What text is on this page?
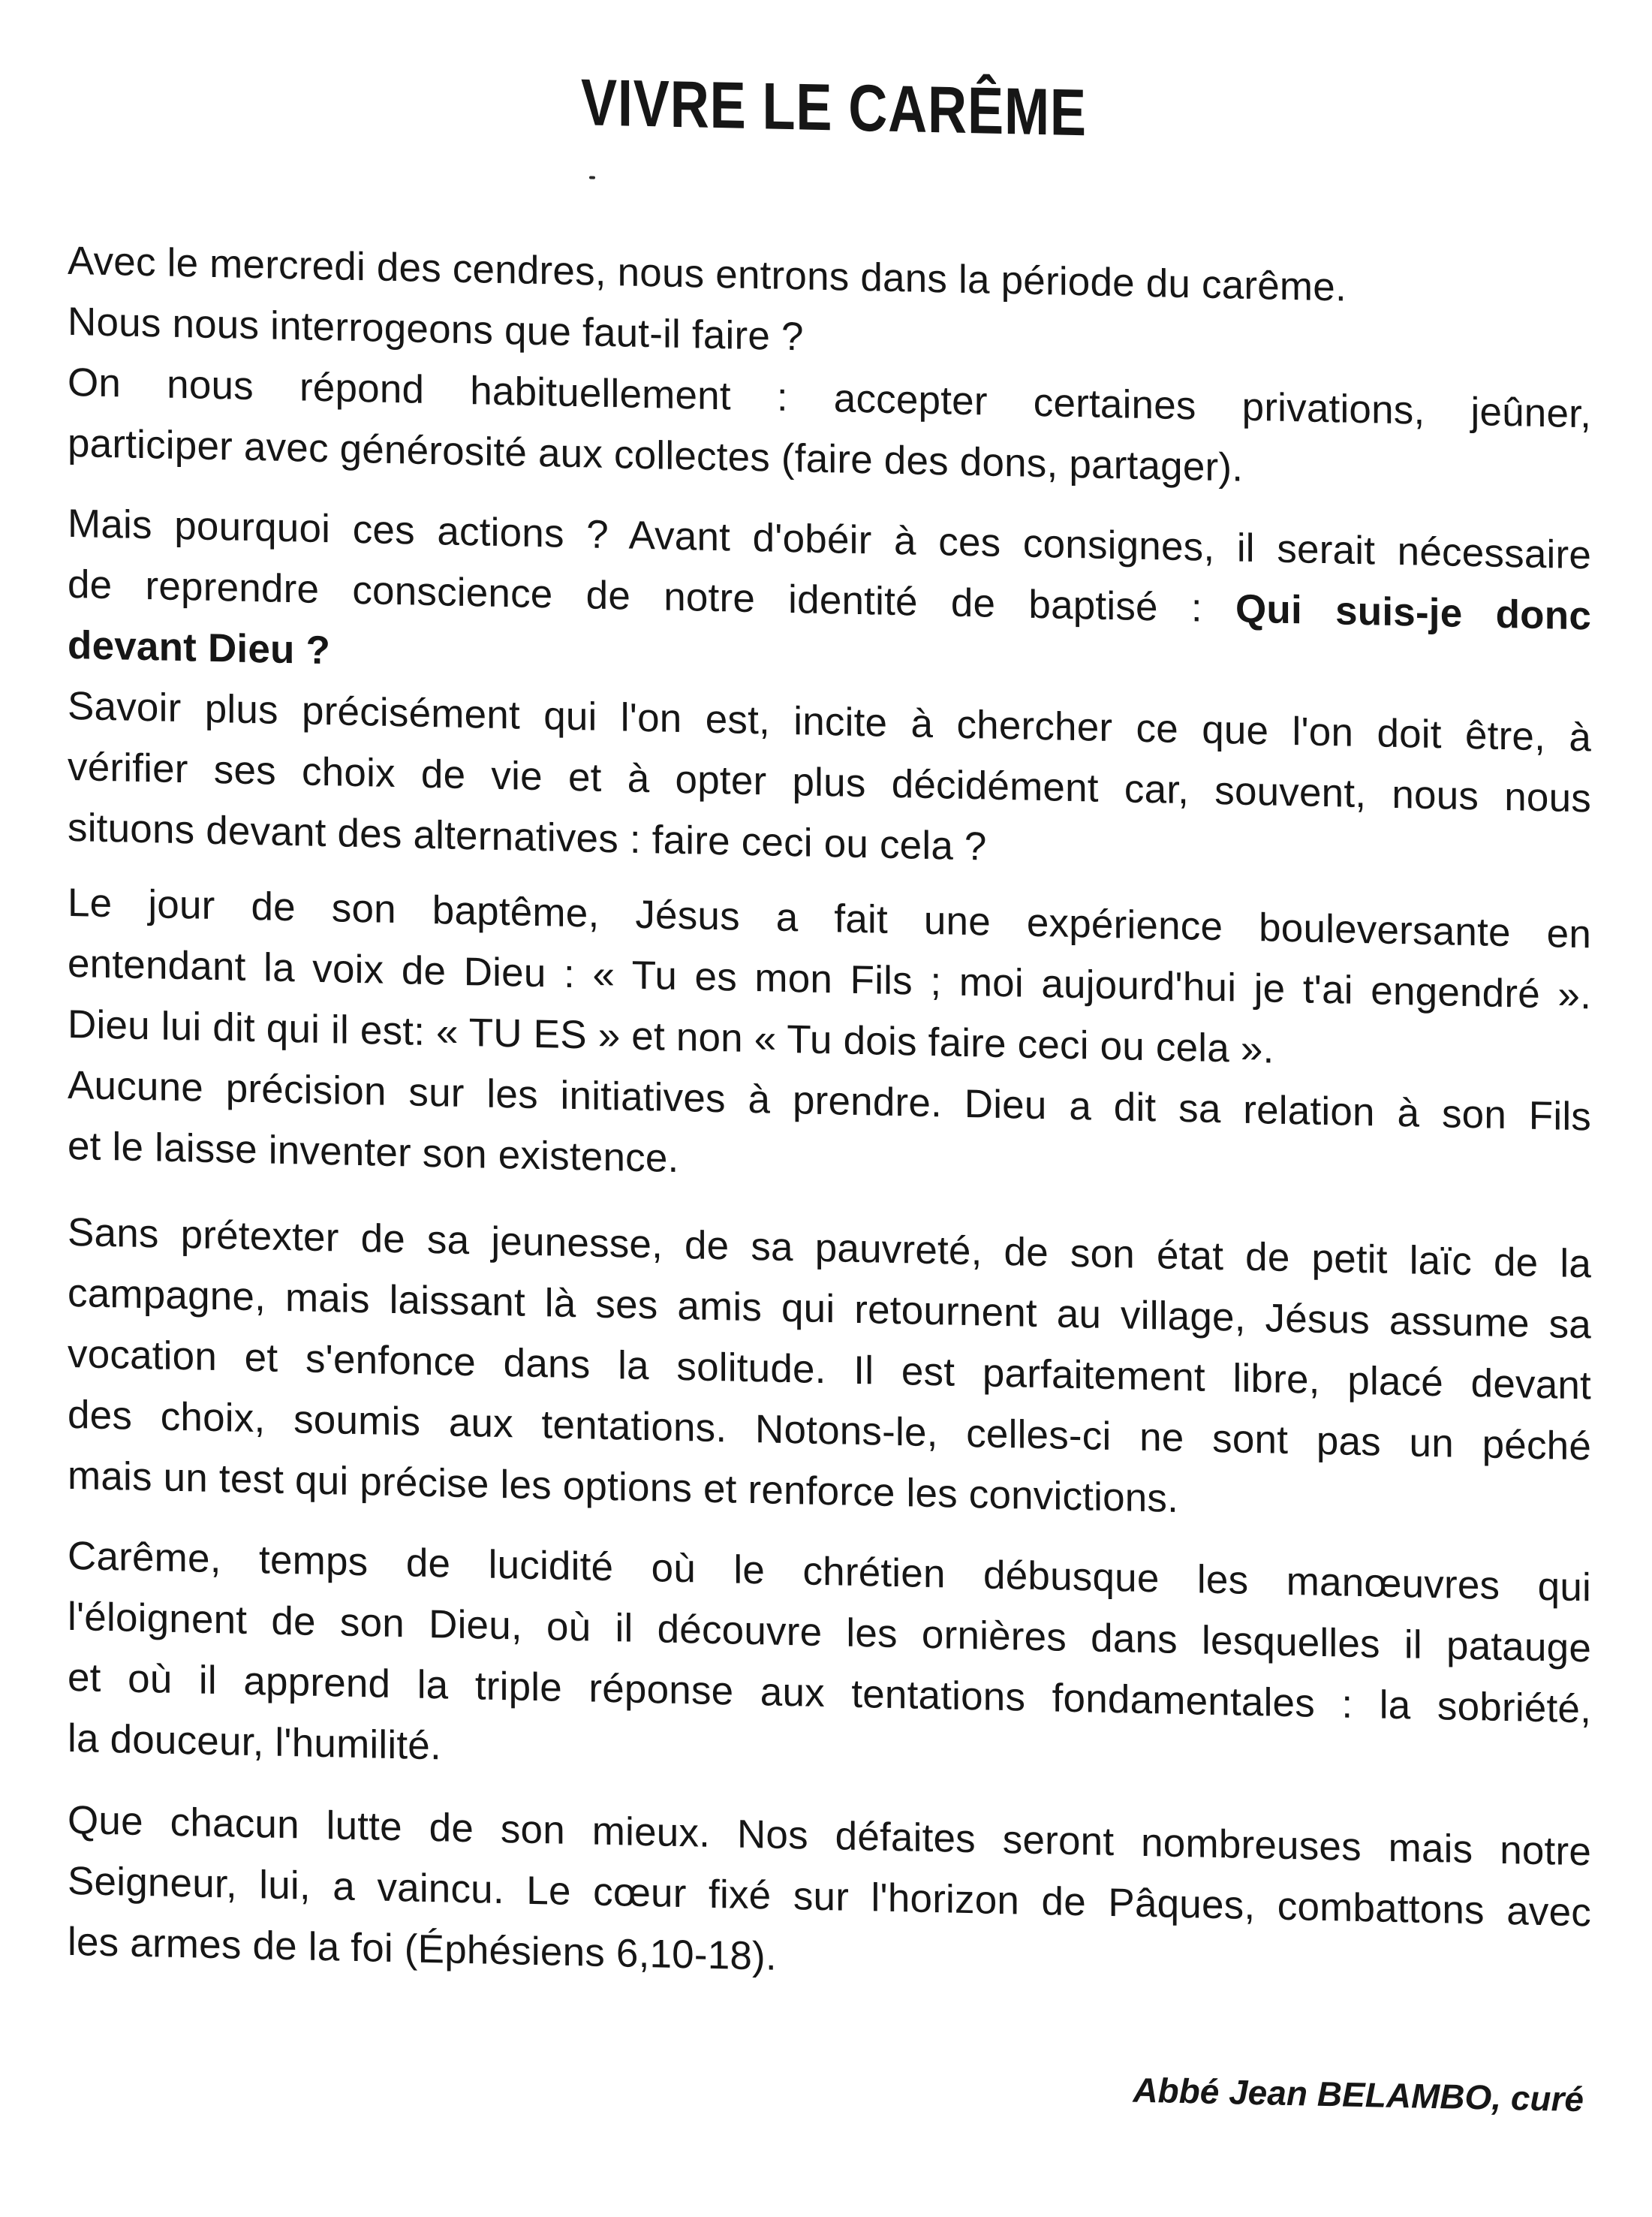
VIVRE LE CARÊME
Avec le mercredi des cendres, nous entrons dans la période du carême.
Nous nous interrogeons que faut-il faire ?
On nous répond habituellement : accepter certaines privations, jeûner,
participer avec générosité aux collectes (faire des dons, partager).
Mais pourquoi ces actions ? Avant d'obéir à ces consignes, il serait nécessaire
de reprendre conscience de notre identité de baptisé : Qui suis-je donc
devant Dieu ?
Savoir plus précisément qui l'on est, incite à chercher ce que l'on doit être, à
vérifier ses choix de vie et à opter plus décidément car, souvent, nous nous
situons devant des alternatives : faire ceci ou cela ?
Le jour de son baptême, Jésus a fait une expérience bouleversante en
entendant la voix de Dieu : « Tu es mon Fils ; moi aujourd'hui je t'ai engendré ».
Dieu lui dit qui il est: « TU ES » et non « Tu dois faire ceci ou cela ».
Aucune précision sur les initiatives à prendre. Dieu a dit sa relation à son Fils
et le laisse inventer son existence.
Sans prétexter de sa jeunesse, de sa pauvreté, de son état de petit laïc de la
campagne, mais laissant là ses amis qui retournent au village, Jésus assume sa
vocation et s'enfonce dans la solitude. Il est parfaitement libre, placé devant
des choix, soumis aux tentations. Notons-le, celles-ci ne sont pas un péché
mais un test qui précise les options et renforce les convictions.
Carême, temps de lucidité où le chrétien débusque les manœuvres qui
l'éloignent de son Dieu, où il découvre les ornières dans lesquelles il patauge
et où il apprend la triple réponse aux tentations fondamentales : la sobriété,
la douceur, l'humilité.
Que chacun lutte de son mieux. Nos défaites seront nombreuses mais notre
Seigneur, lui, a vaincu. Le cœur fixé sur l'horizon de Pâques, combattons avec
les armes de la foi (Éphésiens 6,10-18).
Abbé Jean BELAMBO, curé
